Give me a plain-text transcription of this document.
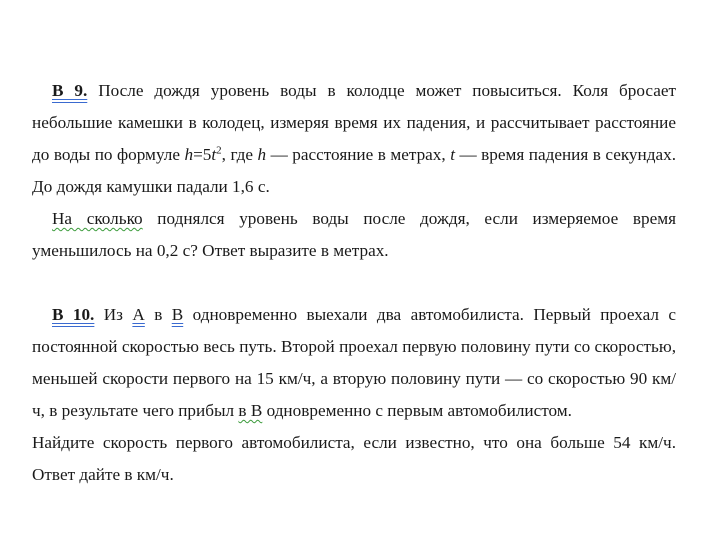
В 9. После дождя уровень воды в колодце может повыситься. Коля бросает небольшие камешки в колодец, измеряя время их падения, и рассчитывает расстояние до воды по формуле $h=5t^2$, где h — расстояние в метрах, t — время падения в секундах. До дождя камушки падали 1,6 с.

На сколько поднялся уровень воды после дождя, если измеряемое время уменьшилось на 0,2 с? Ответ выразите в метрах.

В 10. Из А в В одновременно выехали два автомобилиста. Первый проехал с постоянной скоростью весь путь. Второй проехал первую половину пути со скоростью, меньшей скорости первого на 15 км/ч, а вторую половину пути — со скоростью 90 км/ч, в результате чего прибыл в В одновременно с первым автомобилистом.

Найдите скорость первого автомобилиста, если известно, что она больше 54 км/ч. Ответ дайте в км/ч.
